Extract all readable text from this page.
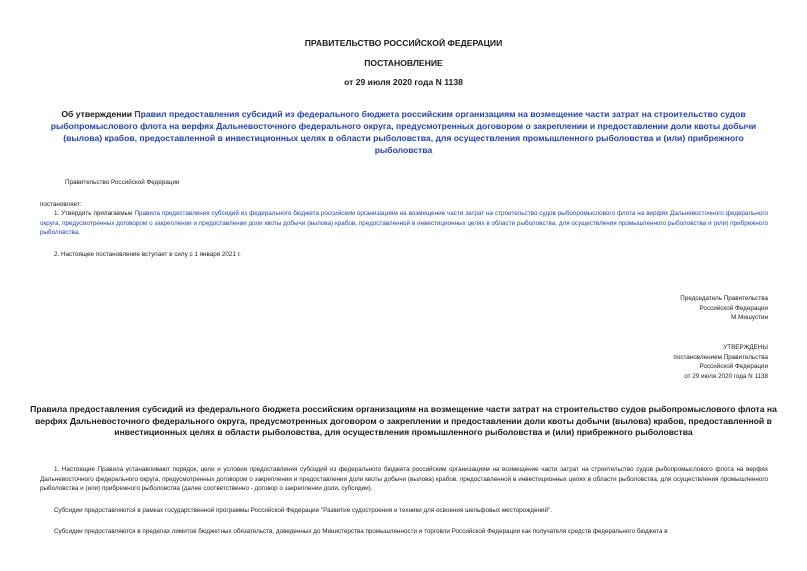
ПРАВИТЕЛЬСТВО РОССИЙСКОЙ ФЕДЕРАЦИИ
ПОСТАНОВЛЕНИЕ
от 29 июля 2020 года N 1138
Об утверждении Правил предоставления субсидий из федерального бюджета российским организациям на возмещение части затрат на строительство судов рыбопромыслового флота на верфях Дальневосточного федерального округа, предусмотренных договором о закреплении и предоставлении доли квоты добычи (вылова) крабов, предоставленной в инвестиционных целях в области рыболовства, для осуществления промышленного рыболовства и (или) прибрежного рыболовства
Правительство Российской Федерации
постановляет:
1. Утвердить прилагаемые Правила предоставления субсидий из федерального бюджета российским организациям на возмещение части затрат на строительство судов рыбопромыслового флота на верфях Дальневосточного федерального округа, предусмотренных договором о закреплении и предоставлении доли квоты добычи (вылова) крабов, предоставленной в инвестиционных целях в области рыболовства, для осуществления промышленного рыболовства и (или) прибрежного рыболовства.
2. Настоящее постановление вступает в силу с 1 января 2021 г.
Председатель Правительства
Российской Федерации
М.Мишустин
УТВЕРЖДЕНЫ
постановлением Правительства
Российской Федерации
от 29 июля 2020 года N 1138
Правила предоставления субсидий из федерального бюджета российским организациям на возмещение части затрат на строительство судов рыбопромыслового флота на верфях Дальневосточного федерального округа, предусмотренных договором о закреплении и предоставлении доли квоты добычи (вылова) крабов, предоставленной в инвестиционных целях в области рыболовства, для осуществления промышленного рыболовства и (или) прибрежного рыболовства
1. Настоящие Правила устанавливают порядок, цели и условия предоставления субсидий из федерального бюджета российским организациям на возмещение части затрат на строительство судов рыбопромыслового флота на верфях Дальневосточного федерального округа, предусмотренных договором о закреплении и предоставлении доли квоты добычи (вылова) крабов, предоставленной в инвестиционных целях в области рыболовства, для осуществления промышленного рыболовства и (или) прибрежного рыболовства (далее соответственно - договор о закреплении доли, субсидии).
Субсидии предоставляются в рамках государственной программы Российской Федерации "Развитие судостроения и техники для освоения шельфовых месторождений".
Субсидии предоставляются в пределах лимитов бюджетных обязательств, доведенных до Министерства промышленности и торговли Российской Федерации как получателя средств федерального бюджета в
